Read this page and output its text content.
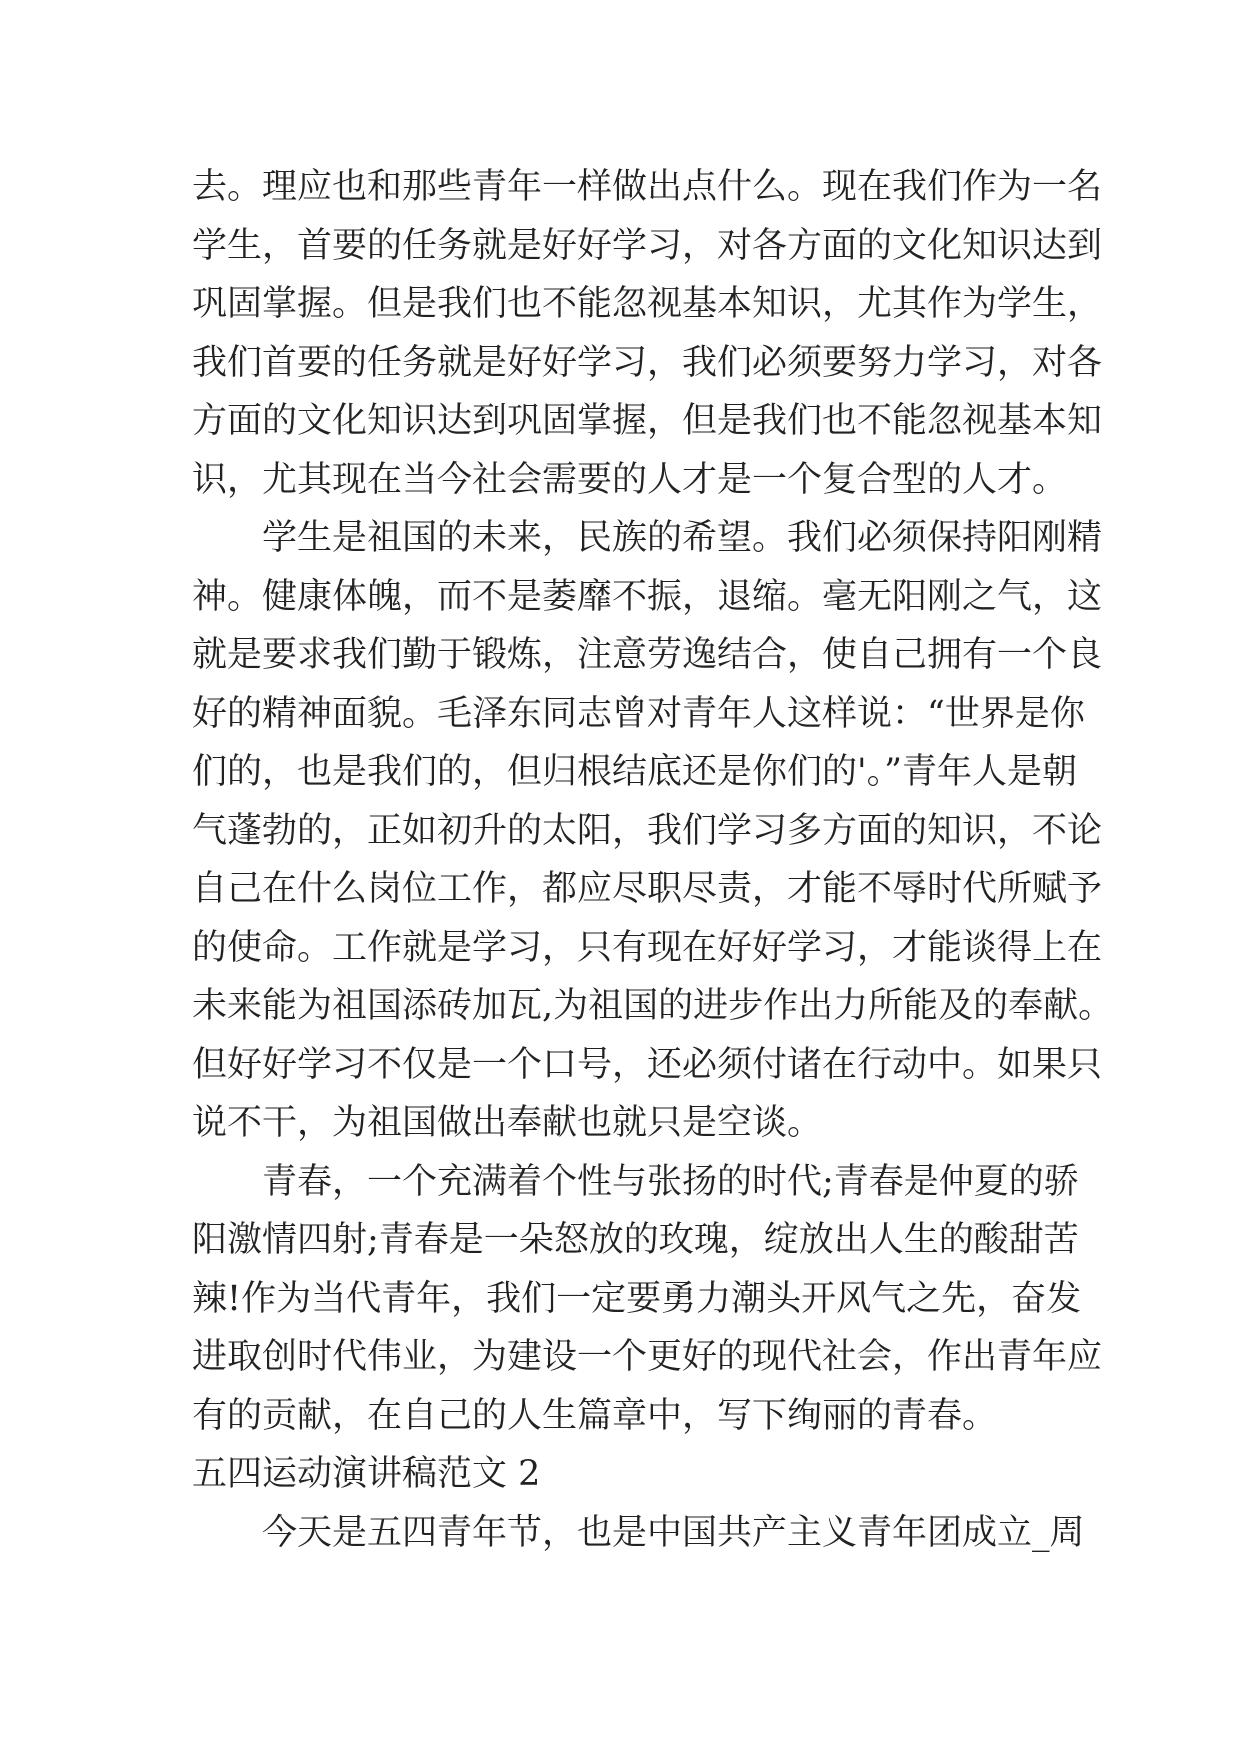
去。理应也和那些青年一样做出点什么。现在我们作为一名
学生，首要的任务就是好好学习，对各方面的文化知识达到
巩固掌握。但是我们也不能忽视基本知识，尤其作为学生，
我们首要的任务就是好好学习，我们必须要努力学习，对各
方面的文化知识达到巩固掌握，但是我们也不能忽视基本知
识，尤其现在当今社会需要的人才是一个复合型的人才。
学生是祖国的未来，民族的希望。我们必须保持阳刚精
神。健康体魄，而不是萎靡不振，退缩。毫无阳刚之气，这
就是要求我们勤于锻炼，注意劳逸结合，使自己拥有一个良
好的精神面貌。毛泽东同志曾对青年人这样说：“世界是你
们的，也是我们的，但归根结底还是你们的'。”青年人是朝
气蓬勃的，正如初升的太阳，我们学习多方面的知识，不论
自己在什么岗位工作，都应尽职尽责，才能不辱时代所赋予
的使命。工作就是学习，只有现在好好学习，才能谈得上在
未来能为祖国添砖加瓦,为祖国的进步作出力所能及的奉献。
但好好学习不仅是一个口号，还必须付诸在行动中。如果只
说不干，为祖国做出奉献也就只是空谈。
青春，一个充满着个性与张扬的时代;青春是仲夏的骄
阳激情四射;青春是一朵怒放的玫瑰，绽放出人生的酸甜苦
辣!作为当代青年，我们一定要勇力潮头开风气之先，奋发
进取创时代伟业，为建设一个更好的现代社会，作出青年应
有的贡献，在自己的人生篇章中，写下绚丽的青春。
五四运动演讲稿范文 2
今天是五四青年节，也是中国共产主义青年团成立_周
